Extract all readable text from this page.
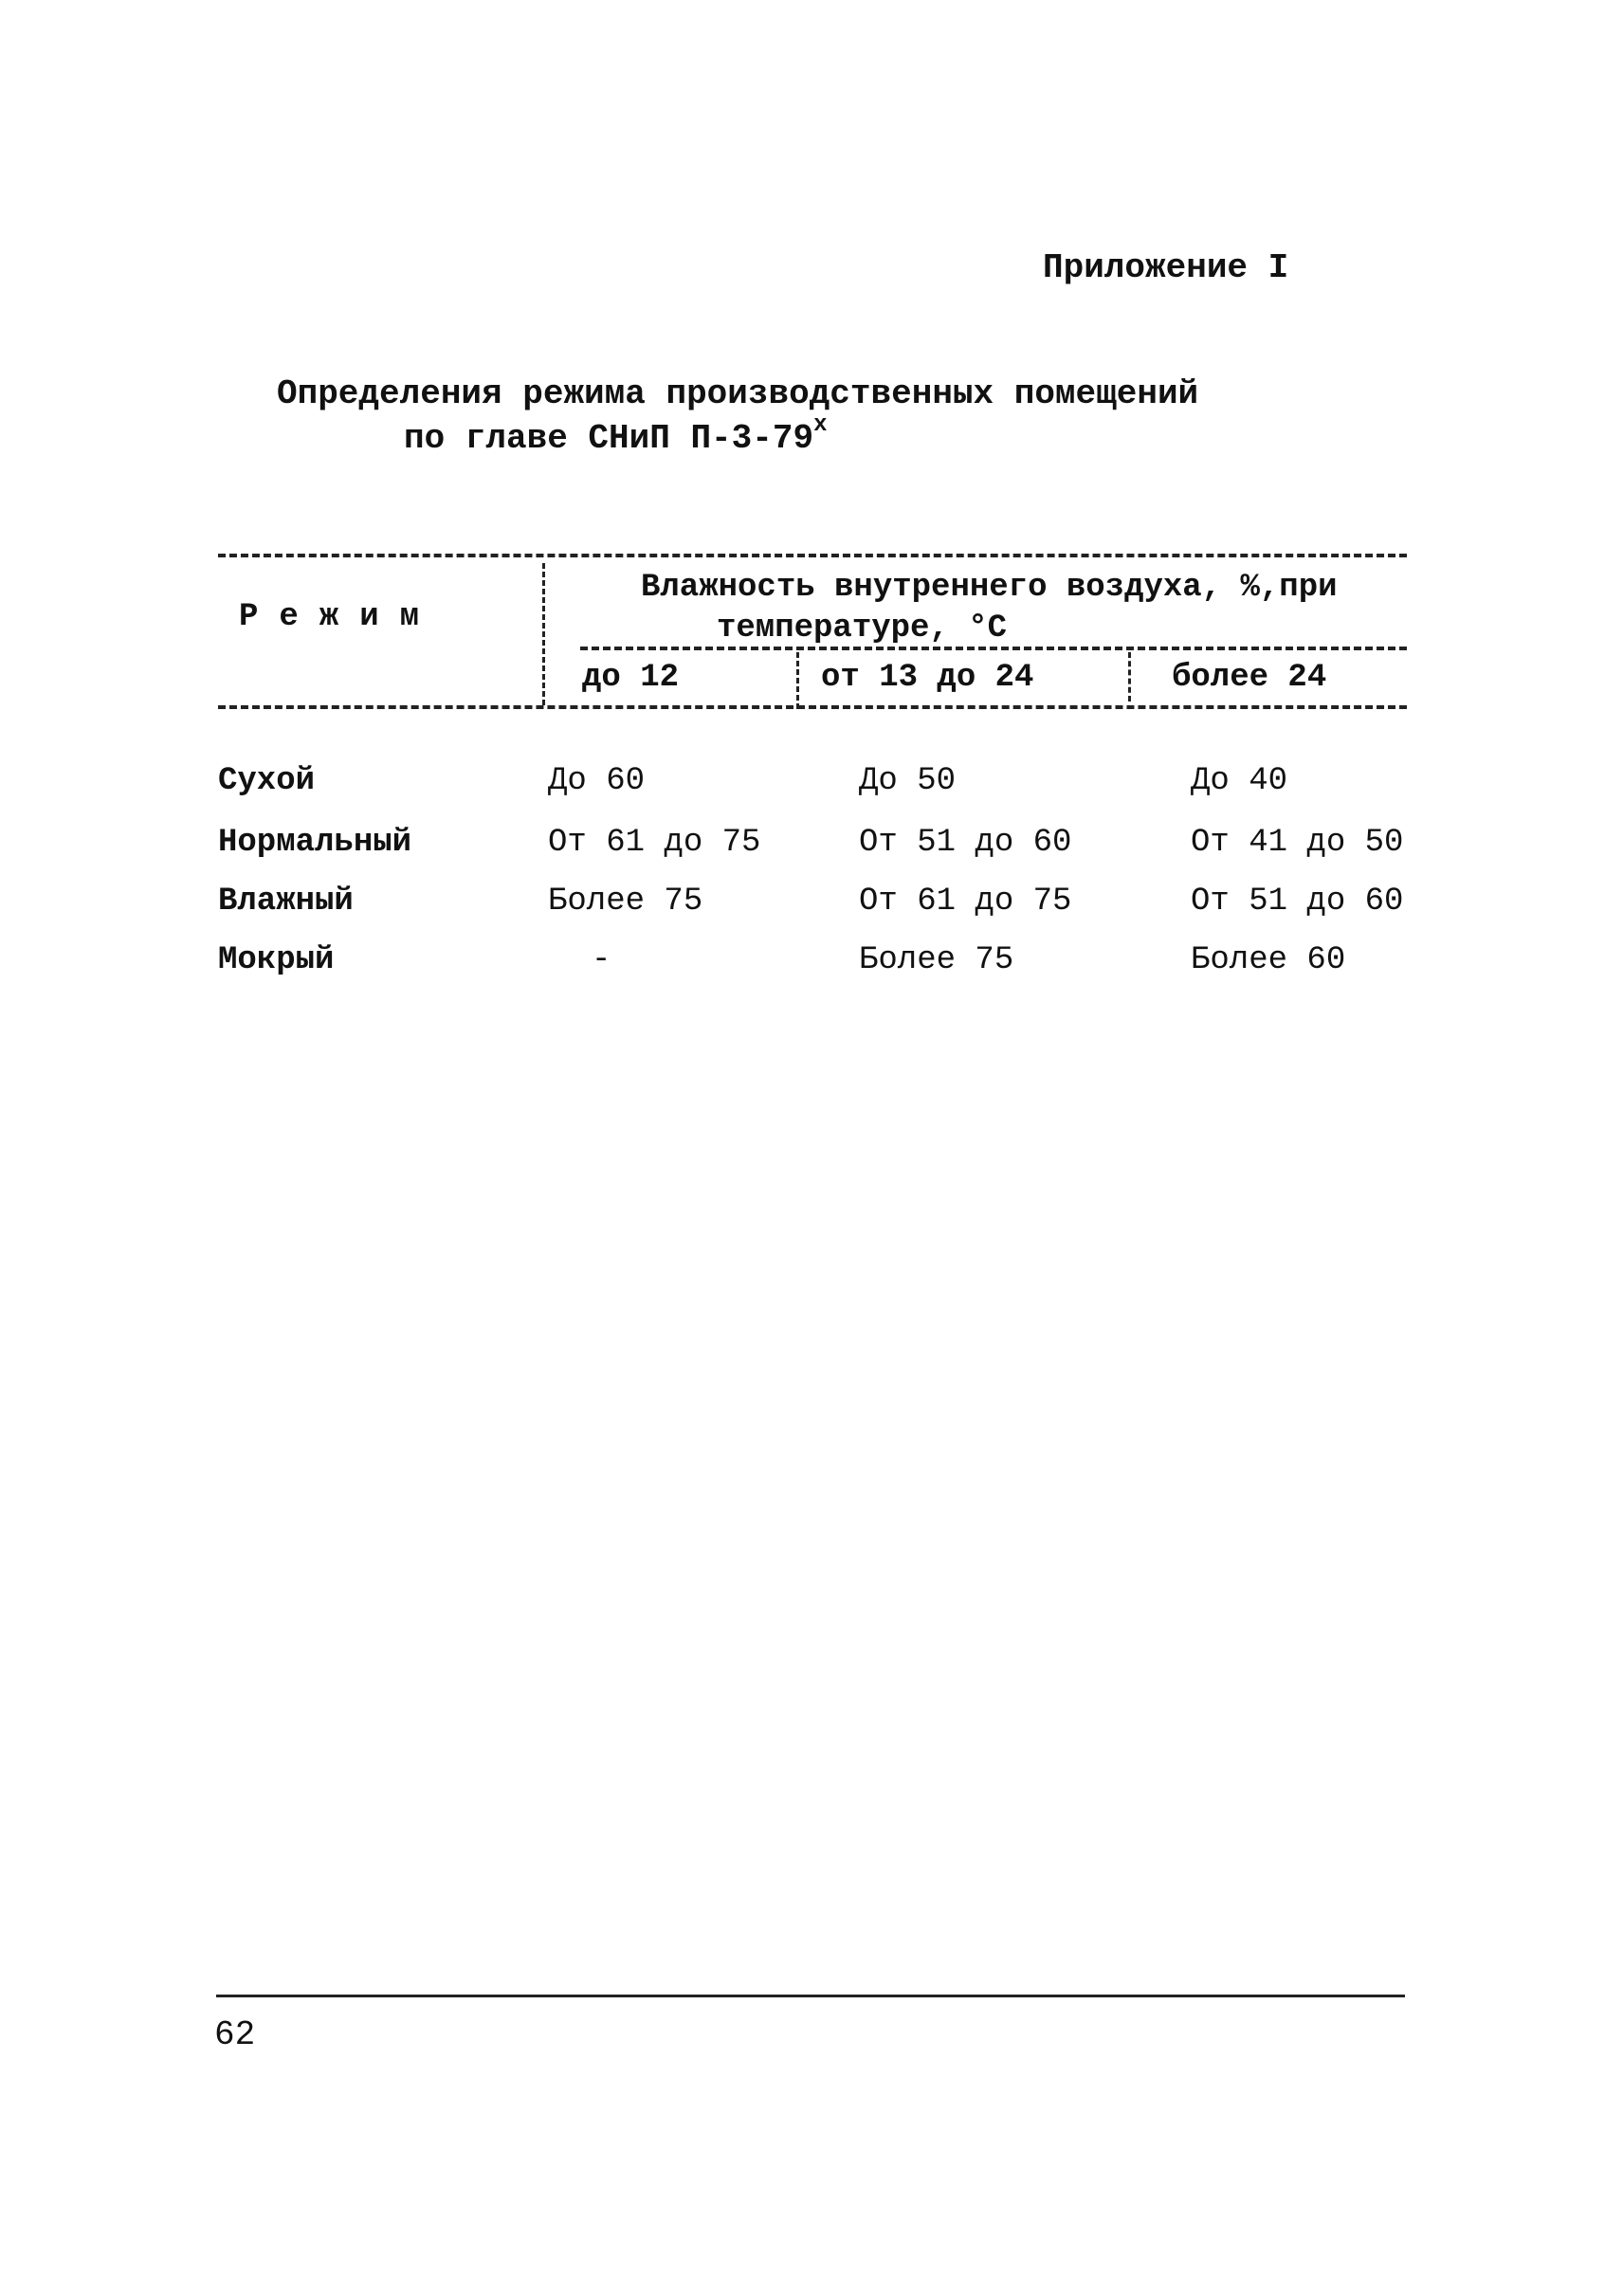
Приложение I
Определения режима производственных помещений
по главе СНиП $П-3-79^х$
Режим
Влажность внутреннего воздуха, %,при
температуре, °С
до 12	от 13 до 24	более 24
Сухой	До 60	До 50	До 40
Нормальный	От 61 до 75	От 51 до 60	От 41 до 50
Влажный	Более 75	От 61 до 75	От 51 до 60
Мокрый	-	Более 75	Более 60
62
